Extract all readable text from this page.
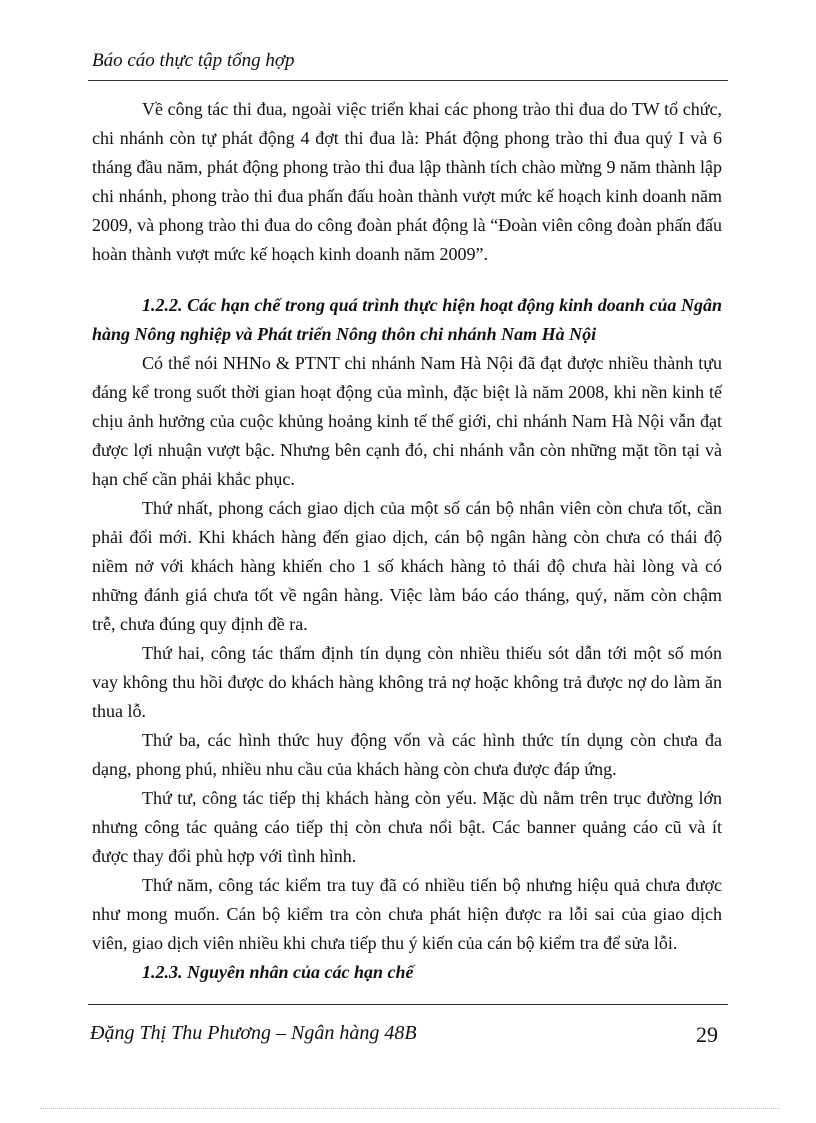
Báo cáo thực tập tổng hợp

Về công tác thi đua, ngoài việc triển khai các phong trào thi đua do TW tổ chức, chi nhánh còn tự phát động 4 đợt thi đua là: Phát động phong trào thi đua quý I và 6 tháng đầu năm, phát động phong trào thi đua lập thành tích chào mừng 9 năm thành lập chi nhánh, phong trào thi đua phấn đấu hoàn thành vượt mức kế hoạch kinh doanh năm 2009, và phong trào thi đua do công đoàn phát động là “Đoàn viên công đoàn phấn đấu hoàn thành vượt mức kế hoạch kinh doanh năm 2009”.

1.2.2. Các hạn chế trong quá trình thực hiện hoạt động kinh doanh của Ngân hàng Nông nghiệp và Phát triển Nông thôn chi nhánh Nam Hà Nội

Có thể nói NHNo & PTNT chi nhánh Nam Hà Nội đã đạt được nhiều thành tựu đáng kể trong suốt thời gian hoạt động của mình, đặc biệt là năm 2008, khi nền kinh tế chịu ảnh hưởng của cuộc khủng hoảng kinh tế thế giới, chi nhánh Nam Hà Nội vẫn đạt được lợi nhuận vượt bậc. Nhưng bên cạnh đó, chi nhánh vẫn còn những mặt tồn tại và hạn chế cần phải khắc phục.

Thứ nhất, phong cách giao dịch của một số cán bộ nhân viên còn chưa tốt, cần phải đổi mới. Khi khách hàng đến giao dịch, cán bộ ngân hàng còn chưa có thái độ niềm nở với khách hàng khiến cho 1 số khách hàng tỏ thái độ chưa hài lòng và có những đánh giá chưa tốt về ngân hàng. Việc làm báo cáo tháng, quý, năm còn chậm trễ, chưa đúng quy định đề ra.

Thứ hai, công tác thẩm định tín dụng còn nhiều thiếu sót dẫn tới một số món vay không thu hồi được do khách hàng không trả nợ hoặc không trả được nợ do làm ăn thua lỗ.

Thứ ba, các hình thức huy động vốn và các hình thức tín dụng còn chưa đa dạng, phong phú, nhiều nhu cầu của khách hàng còn chưa được đáp ứng.

Thứ tư, công tác tiếp thị khách hàng còn yếu. Mặc dù nằm trên trục đường lớn nhưng công tác quảng cáo tiếp thị còn chưa nổi bật. Các banner quảng cáo cũ và ít được thay đổi phù hợp với tình hình.

Thứ năm, công tác kiểm tra tuy đã có nhiều tiến bộ nhưng hiệu quả chưa được như mong muốn. Cán bộ kiểm tra còn chưa phát hiện được ra lỗi sai của giao dịch viên, giao dịch viên nhiều khi chưa tiếp thu ý kiến của cán bộ kiểm tra để sửa lỗi.

1.2.3. Nguyên nhân của các hạn chế

Đặng Thị Thu Phương – Ngân hàng 48B	29
